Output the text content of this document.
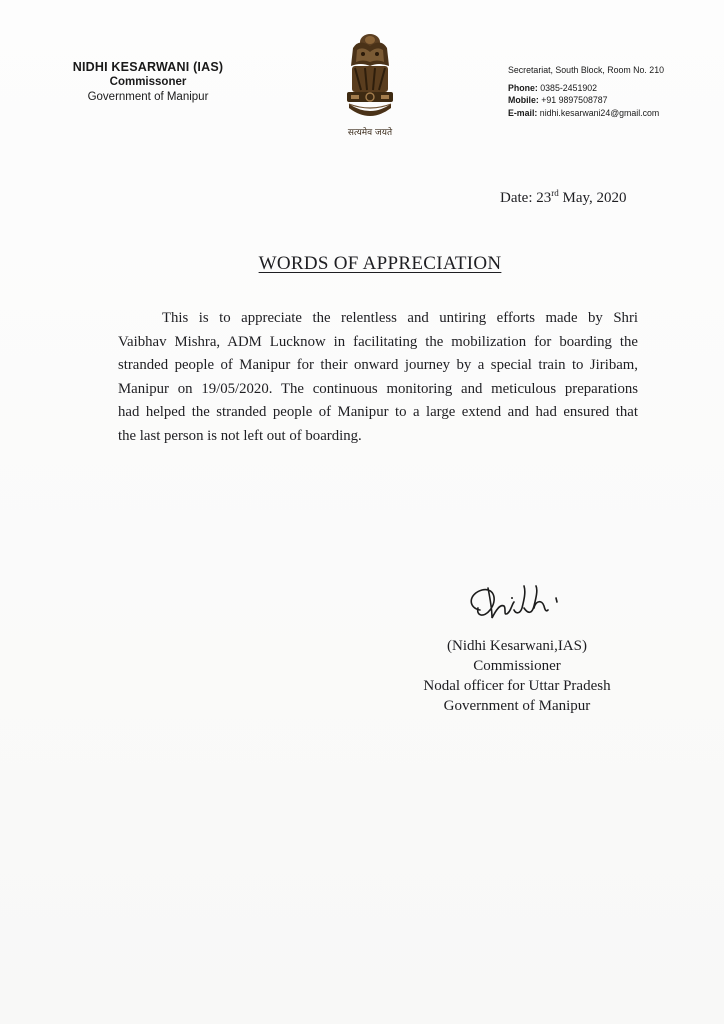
NIDHI KESARWANI (IAS)
Commissoner
Government of Manipur
सत्यमेव जयते
Secretariat, South Block, Room No. 210
Phone: 0385-2451902
Mobile: +91 9897508787
E-mail: nidhi.kesarwani24@gmail.com
Date: 23rd May, 2020
WORDS OF APPRECIATION
This is to appreciate the relentless and untiring efforts made by Shri
Vaibhav Mishra, ADM Lucknow in facilitating the mobilization for boarding the
stranded people of Manipur for their onward journey by a special train to Jiribam,
Manipur on 19/05/2020. The continuous monitoring and meticulous preparations
had helped the stranded people of Manipur to a large extend and had ensured that
the last person is not left out of boarding.
(Nidhi Kesarwani,IAS)
Commissioner
Nodal officer for Uttar Pradesh
Government of Manipur
